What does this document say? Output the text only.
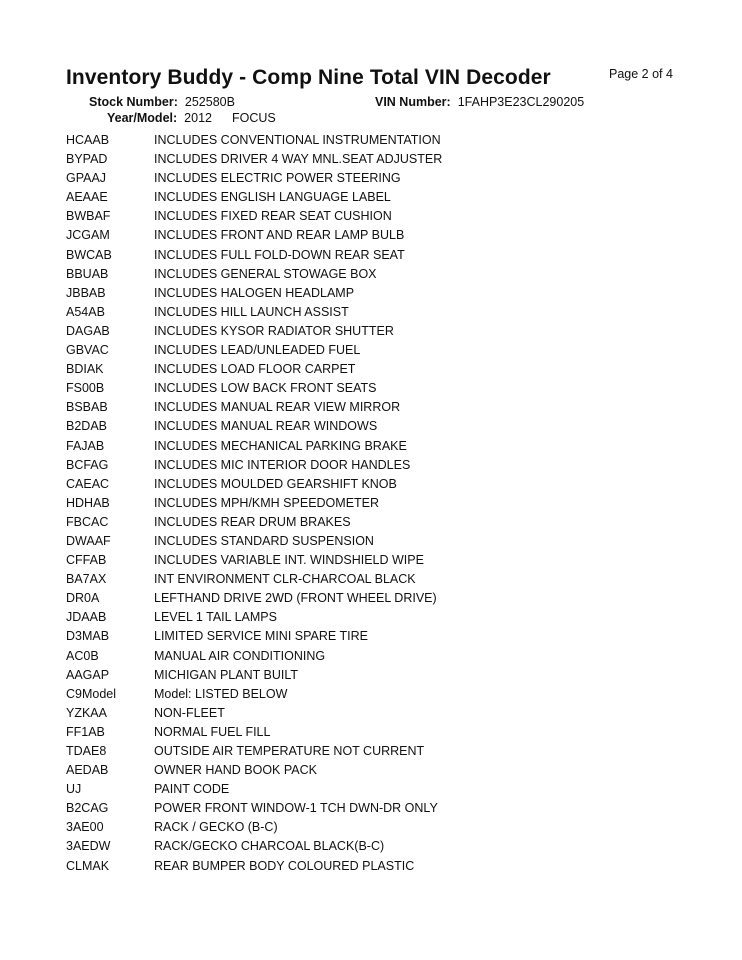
Inventory Buddy - Comp Nine Total VIN Decoder	Page 2 of 4
Stock Number: 252580B	VIN Number: 1FAHP3E23CL290205
Year/Model: 2012 FOCUS
HCAAB	INCLUDES CONVENTIONAL INSTRUMENTATION
BYPAD	INCLUDES DRIVER 4 WAY MNL.SEAT ADJUSTER
GPAAJ	INCLUDES ELECTRIC POWER STEERING
AEAAE	INCLUDES ENGLISH LANGUAGE LABEL
BWBAF	INCLUDES FIXED REAR SEAT CUSHION
JCGAM	INCLUDES FRONT AND REAR LAMP BULB
BWCAB	INCLUDES FULL FOLD-DOWN REAR SEAT
BBUAB	INCLUDES GENERAL STOWAGE BOX
JBBAB	INCLUDES HALOGEN HEADLAMP
A54AB	INCLUDES HILL LAUNCH ASSIST
DAGAB	INCLUDES KYSOR RADIATOR SHUTTER
GBVAC	INCLUDES LEAD/UNLEADED FUEL
BDIAK	INCLUDES LOAD FLOOR CARPET
FS00B	INCLUDES LOW BACK FRONT SEATS
BSBAB	INCLUDES MANUAL REAR VIEW MIRROR
B2DAB	INCLUDES MANUAL REAR WINDOWS
FAJAB	INCLUDES MECHANICAL PARKING BRAKE
BCFAG	INCLUDES MIC INTERIOR DOOR HANDLES
CAEAC	INCLUDES MOULDED GEARSHIFT KNOB
HDHAB	INCLUDES MPH/KMH SPEEDOMETER
FBCAC	INCLUDES REAR DRUM BRAKES
DWAAF	INCLUDES STANDARD SUSPENSION
CFFAB	INCLUDES VARIABLE INT. WINDSHIELD WIPE
BA7AX	INT ENVIRONMENT CLR-CHARCOAL BLACK
DR0A	LEFTHAND DRIVE 2WD (FRONT WHEEL DRIVE)
JDAAB	LEVEL 1 TAIL LAMPS
D3MAB	LIMITED SERVICE MINI SPARE TIRE
AC0B	MANUAL AIR CONDITIONING
AAGAP	MICHIGAN PLANT BUILT
C9Model	Model: LISTED BELOW
YZKAA	NON-FLEET
FF1AB	NORMAL FUEL FILL
TDAE8	OUTSIDE AIR TEMPERATURE NOT CURRENT
AEDAB	OWNER HAND BOOK PACK
UJ	PAINT CODE
B2CAG	POWER FRONT WINDOW-1 TCH DWN-DR ONLY
3AE00	RACK / GECKO (B-C)
3AEDW	RACK/GECKO CHARCOAL BLACK(B-C)
CLMAK	REAR BUMPER BODY COLOURED PLASTIC
